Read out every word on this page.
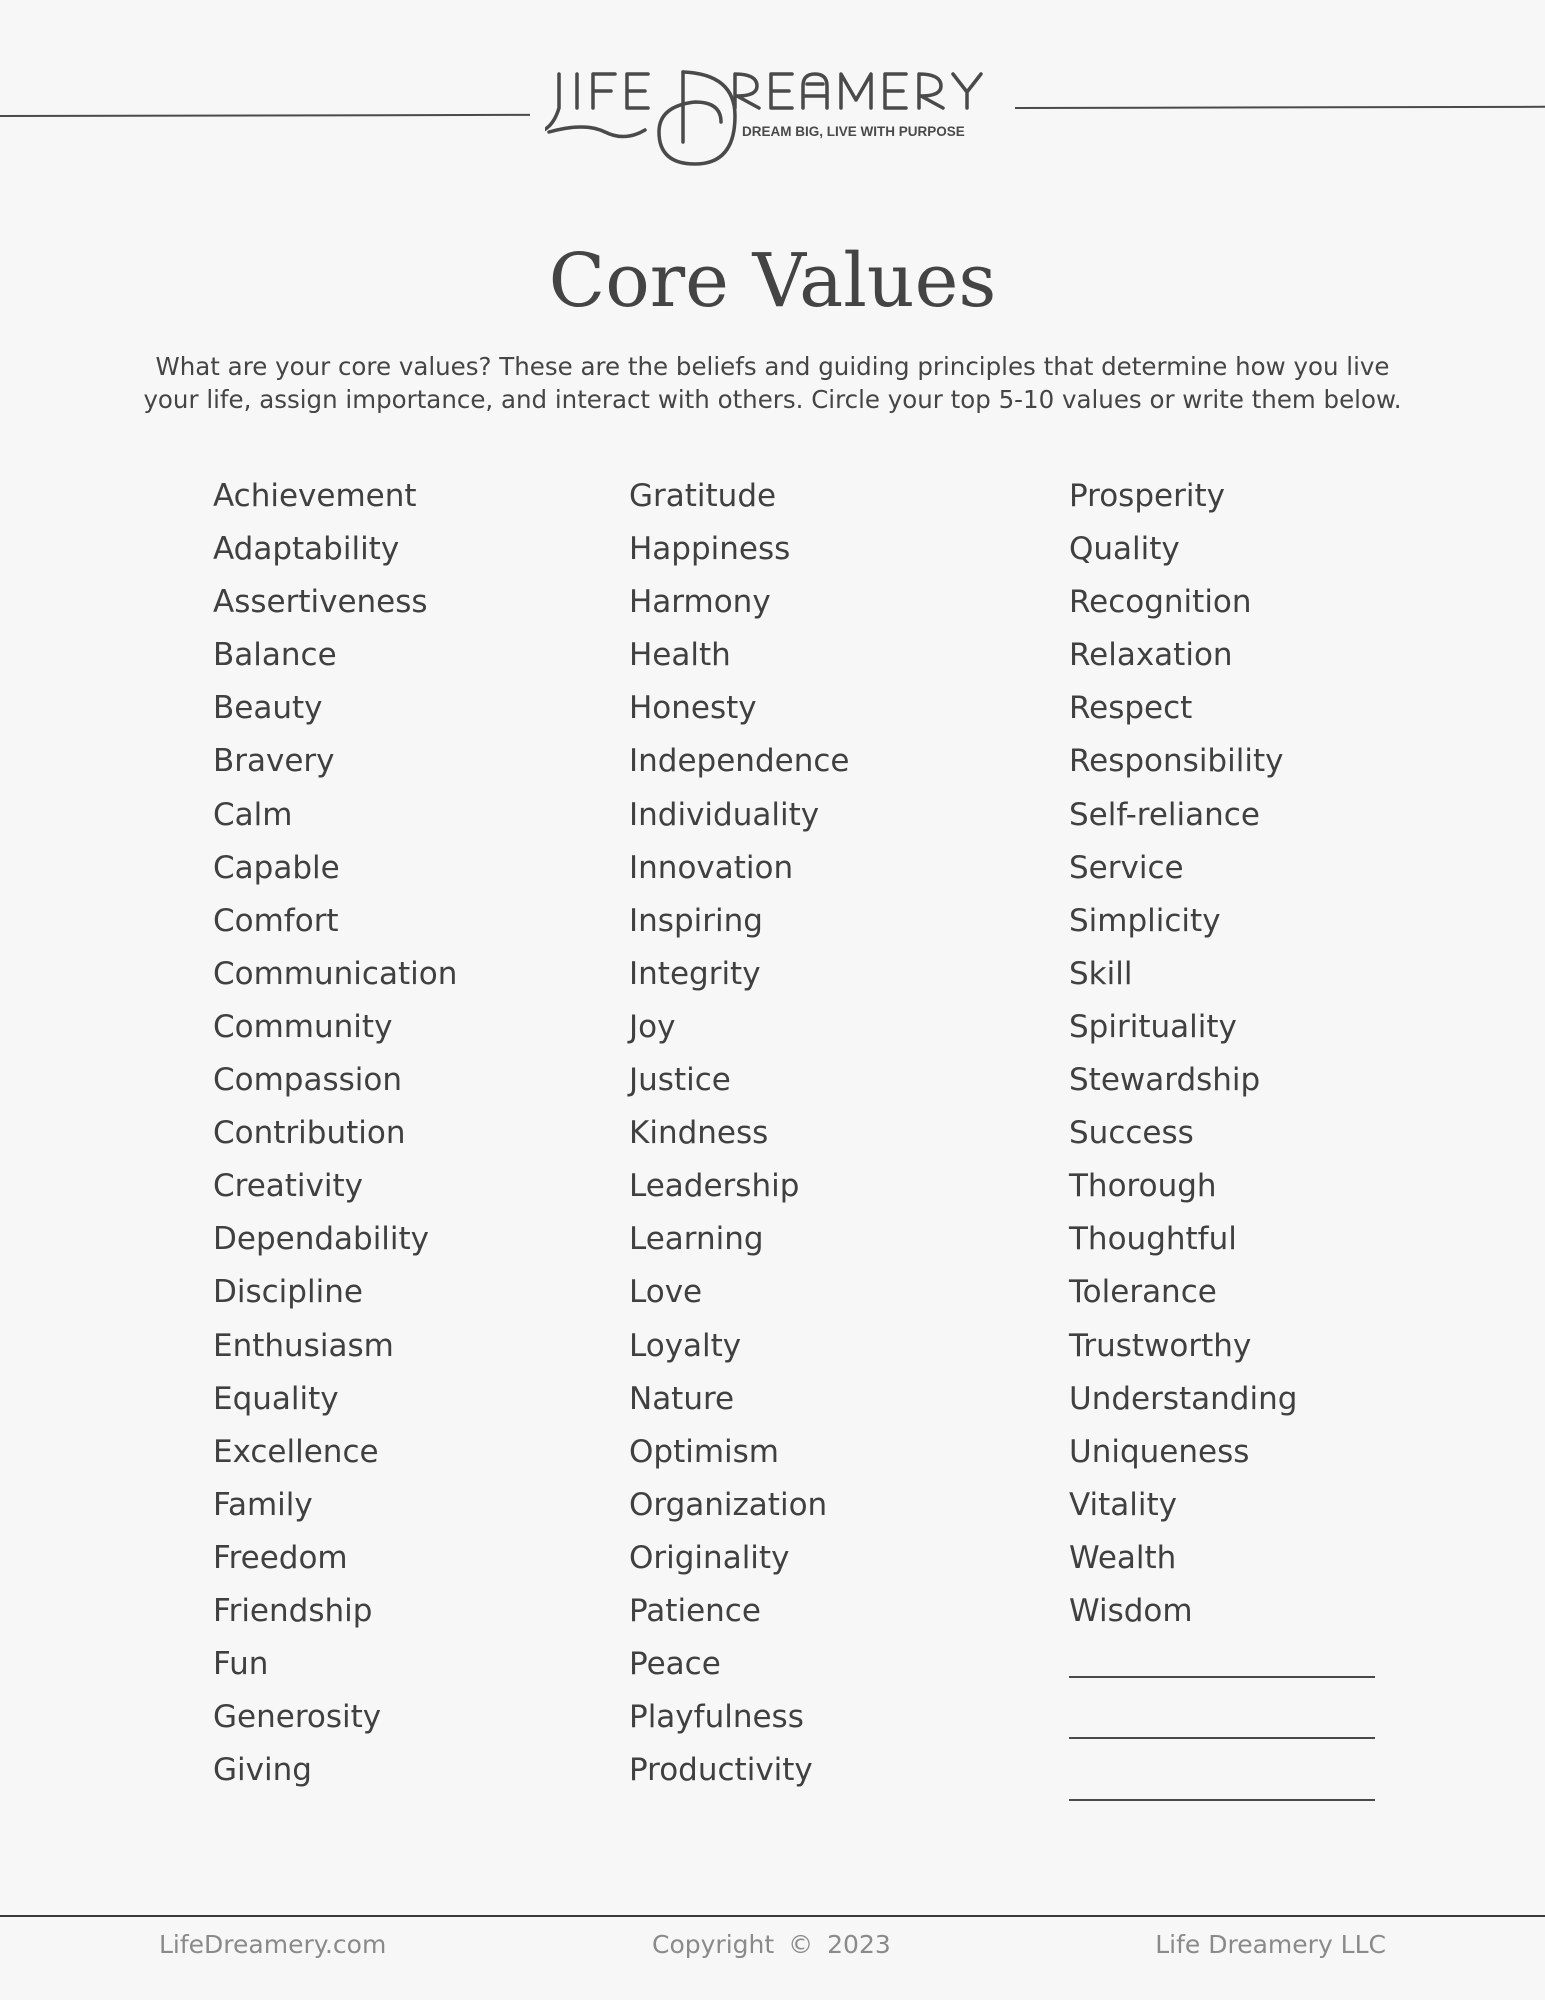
DREAM BIG, LIVE WITH PURPOSE
Core Values

What are your core values? These are the beliefs and guiding principles that determine how you live your life, assign importance, and interact with others. Circle your top 5-10 values or write them below.

Achievement
Adaptability
Assertiveness
Balance
Beauty
Bravery
Calm
Capable
Comfort
Communication
Community
Compassion
Contribution
Creativity
Dependability
Discipline
Enthusiasm
Equality
Excellence
Family
Freedom
Friendship
Fun
Generosity
Giving
Gratitude
Happiness
Harmony
Health
Honesty
Independence
Individuality
Innovation
Inspiring
Integrity
Joy
Justice
Kindness
Leadership
Learning
Love
Loyalty
Nature
Optimism
Organization
Originality
Patience
Peace
Playfulness
Productivity
Prosperity
Quality
Recognition
Relaxation
Respect
Responsibility
Self-reliance
Service
Simplicity
Skill
Spirituality
Stewardship
Success
Thorough
Thoughtful
Tolerance
Trustworthy
Understanding
Uniqueness
Vitality
Wealth
Wisdom
LifeDreamery.com	Copyright © 2023	Life Dreamery LLC
